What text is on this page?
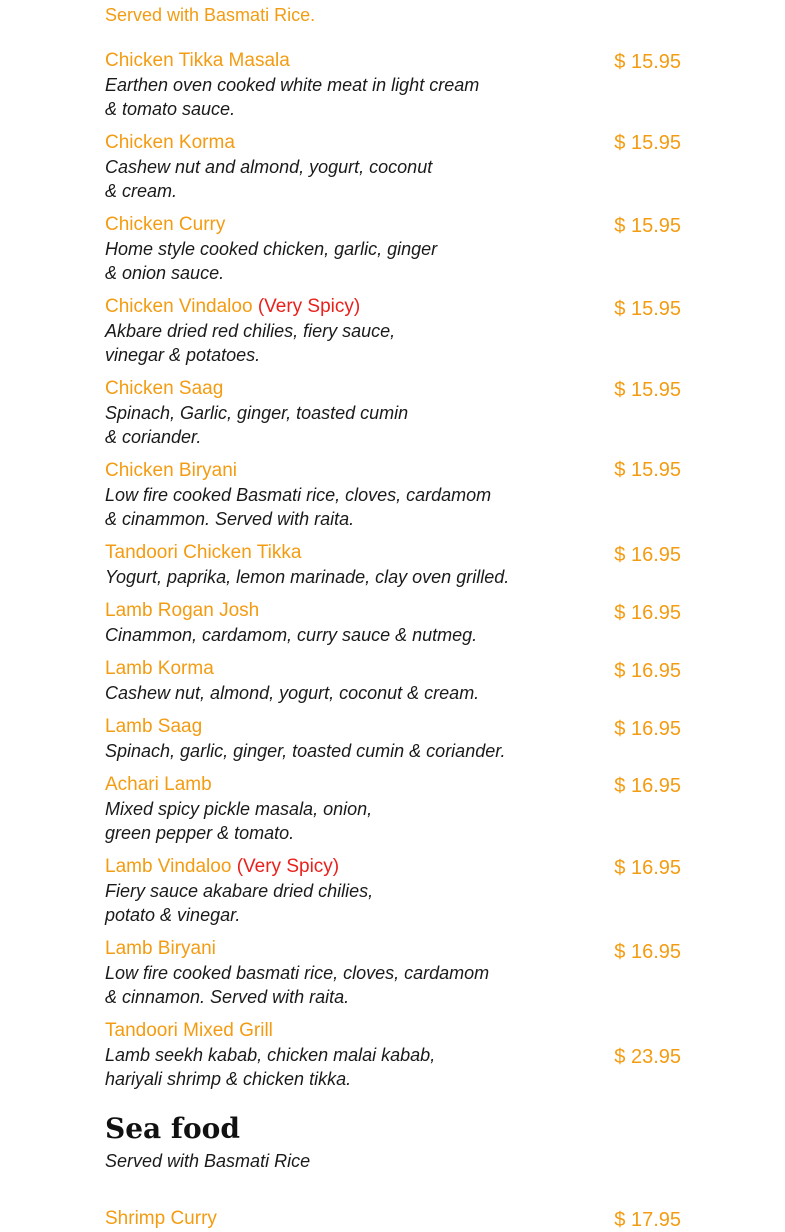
Served with Basmati Rice.
Chicken Tikka Masala
Earthen oven cooked white meat in light cream
& tomato sauce.
$ 15.95
Chicken Korma
Cashew nut and almond, yogurt, coconut
& cream.
$ 15.95
Chicken Curry
Home style cooked chicken, garlic, ginger
& onion sauce.
$ 15.95
Chicken Vindaloo (Very Spicy)
Akbare dried red chilies, fiery sauce,
vinegar & potatoes.
$ 15.95
Chicken Saag
Spinach, Garlic, ginger, toasted cumin
& coriander.
$ 15.95
Chicken Biryani
Low fire cooked Basmati rice, cloves, cardamom
& cinammon. Served with raita.
$ 15.95
Tandoori Chicken Tikka
Yogurt, paprika, lemon marinade, clay oven grilled.
$ 16.95
Lamb Rogan Josh
Cinammon, cardamom, curry sauce & nutmeg.
$ 16.95
Lamb Korma
Cashew nut, almond, yogurt, coconut & cream.
$ 16.95
Lamb Saag
Spinach, garlic, ginger, toasted cumin & coriander.
$ 16.95
Achari Lamb
Mixed spicy pickle masala, onion,
green pepper & tomato.
$ 16.95
Lamb Vindaloo (Very Spicy)
Fiery sauce akabare dried chilies,
potato & vinegar.
$ 16.95
Lamb Biryani
Low fire cooked basmati rice, cloves, cardamom
& cinnamon. Served with raita.
$ 16.95
Tandoori Mixed Grill
Lamb seekh kabab, chicken malai kabab,
hariyali shrimp & chicken tikka.
$ 23.95
Sea food
Served with Basmati Rice
Shrimp Curry	$ 17.95
